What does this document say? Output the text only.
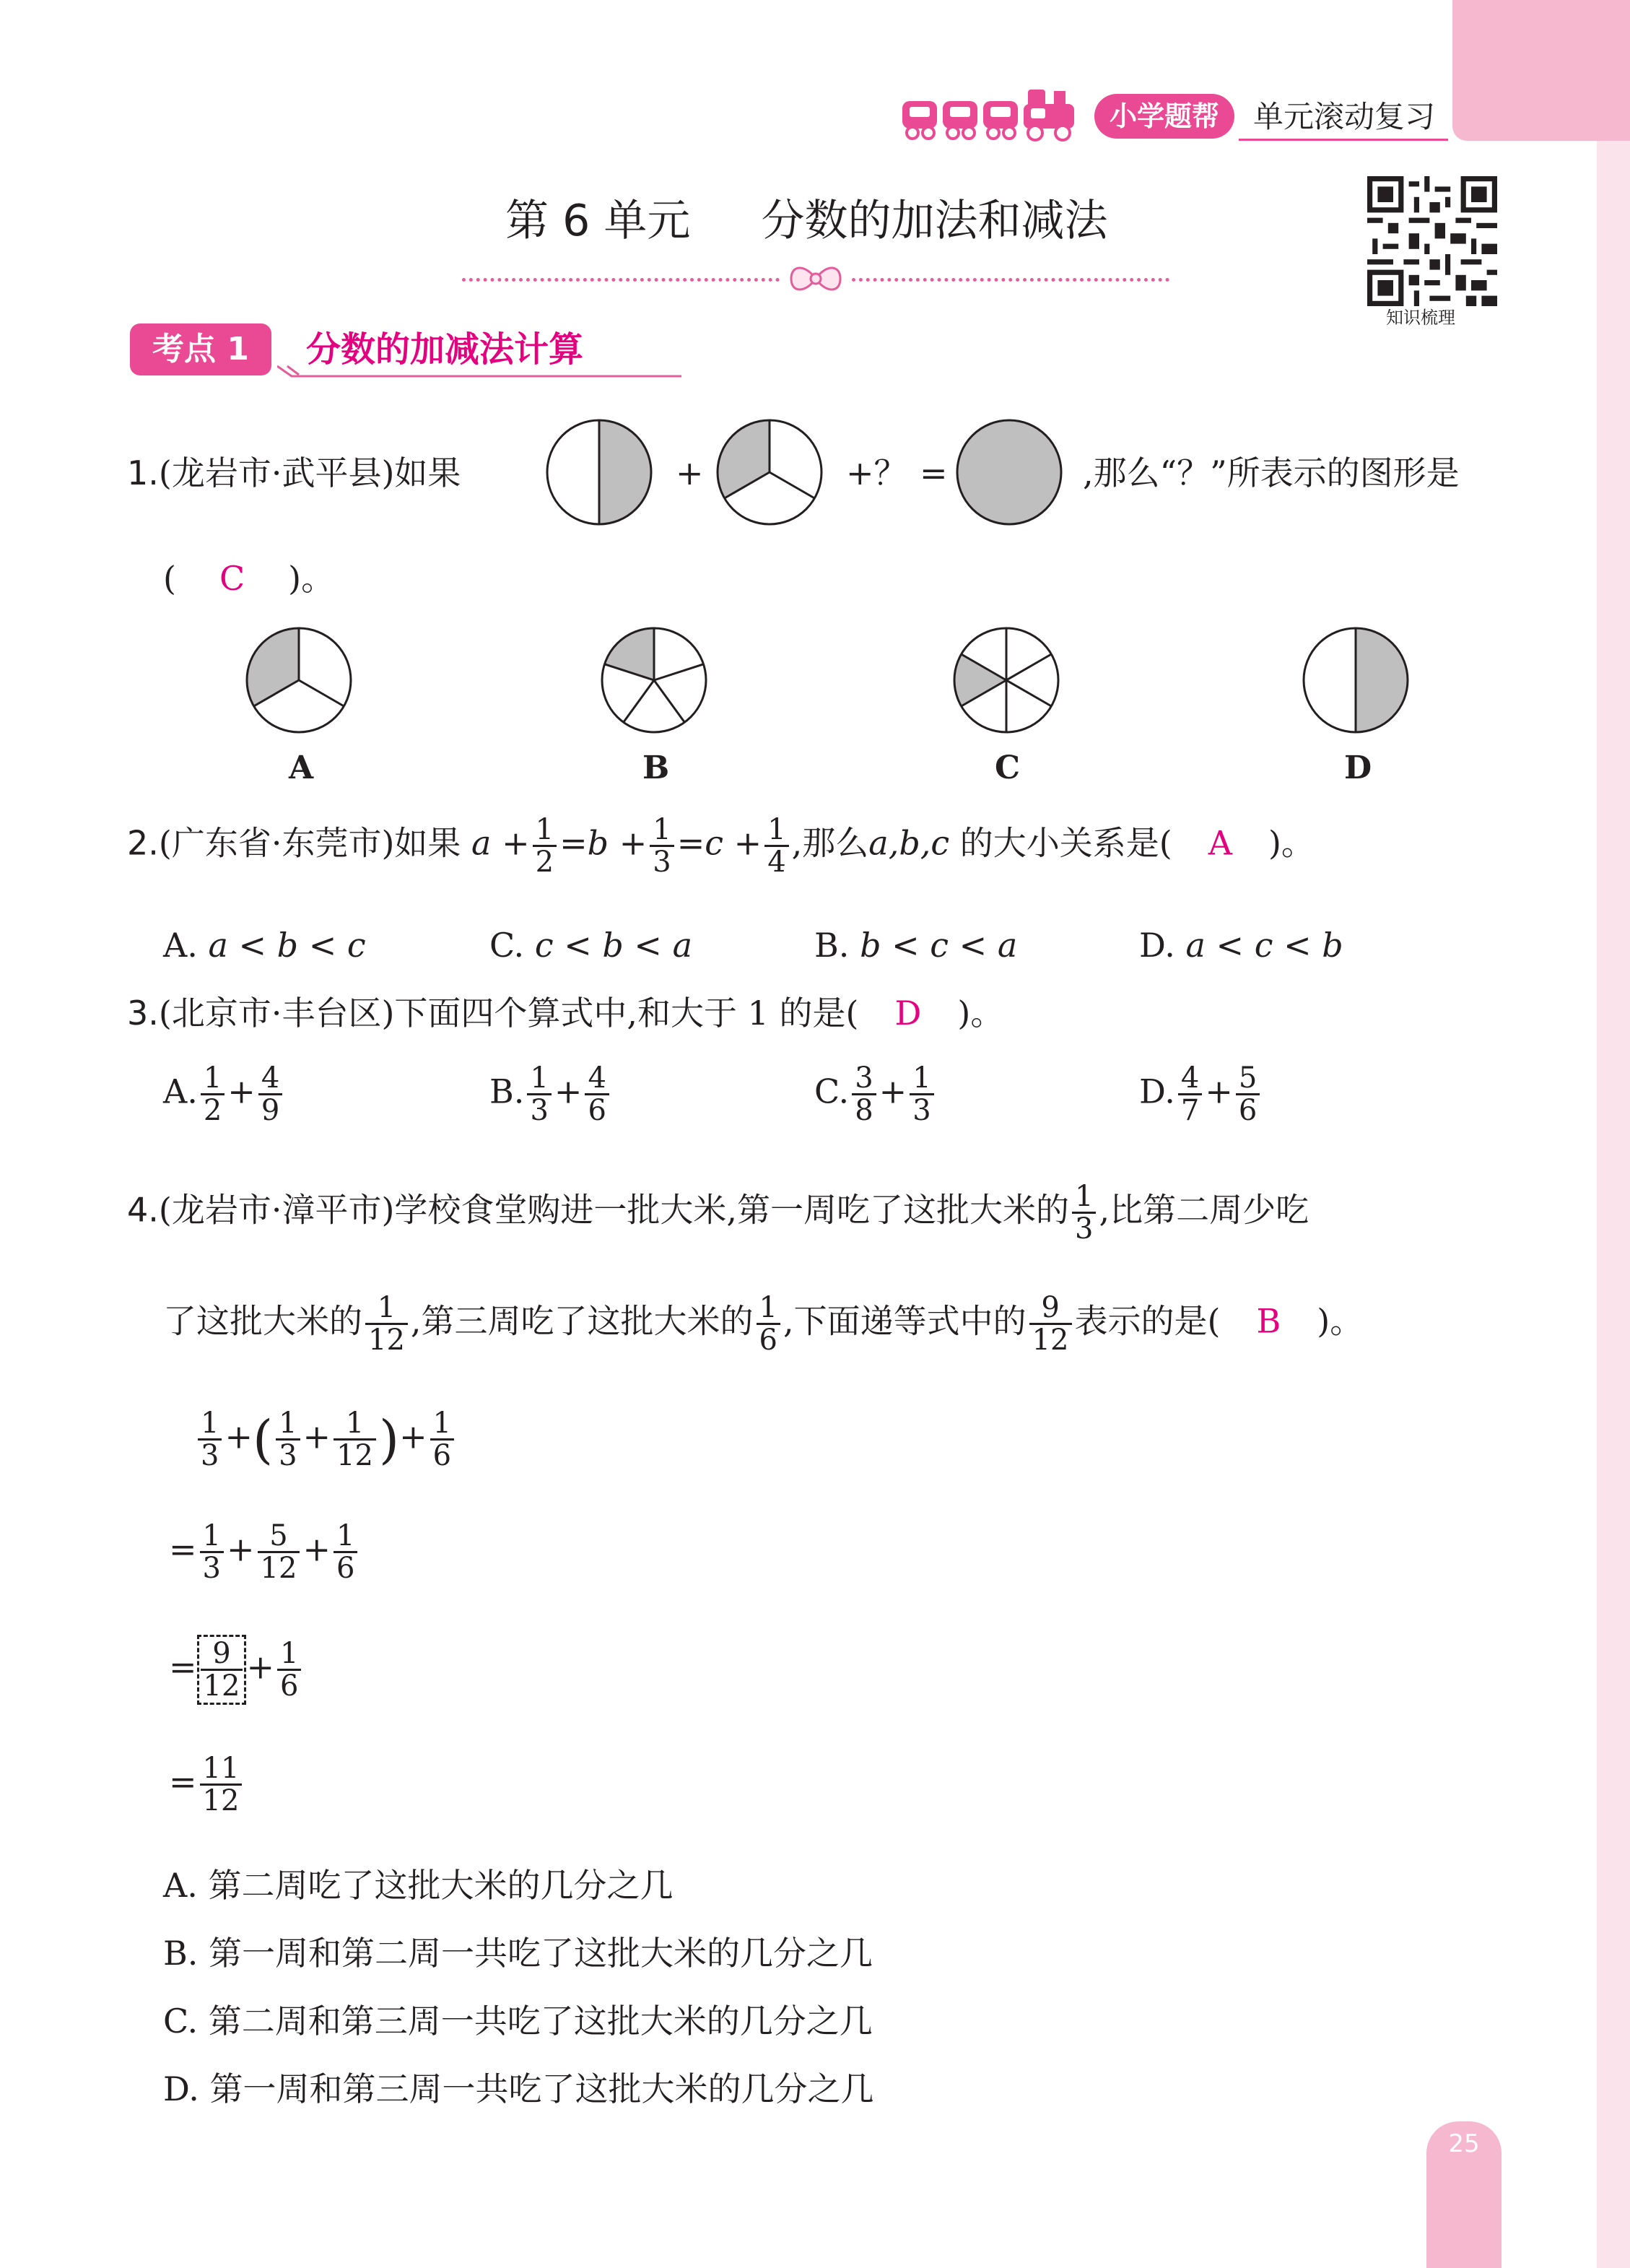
小学题帮	单元滚动复习
知识梳理
第 6 单元 分数的加法和减法
考点 1	分数的加减法计算
1.(龙岩市·武平县)如果	+	+？ =	,那么“？”所表示的图形是
( C )。
A	B	C	D
2.(广东省·东莞市)如果 $a + \frac{1}{2} =b + \frac{1}{3} =c + \frac{1}{4}$ ,那么a,b,c 的大小关系是( A )。
A. a < b < c	C. c < b < a	B. b < c < a	D. a < c < b
3.(北京市·丰台区)下面四个算式中,和大于 1 的是( D )。
A. $\frac{1}{2} + \frac{4}{9}$	B. $\frac{1}{3} + \frac{4}{6}$	C. $\frac{3}{8} + \frac{1}{3}$	D. $\frac{4}{7} + \frac{5}{6}$
4.(龙岩市·漳平市)学校食堂购进一批大米,第一周吃了这批大米的 $\frac{1}{3}$ ,比第二周少吃
了这批大米的 $\frac{1}{12}$ ,第三周吃了这批大米的 $\frac{1}{6}$ ,下面递等式中的 $\frac{9}{12}$ 表示的是( B )。
$\frac{1}{3}$ +( $\frac{1}{3} + \frac{1}{12}$ )+ $\frac{1}{6}$
= $\frac{1}{3} + \frac{5}{12} + \frac{1}{6}$
= $\frac{9}{12} + \frac{1}{6}$
= $\frac{11}{12}$
A. 第二周吃了这批大米的几分之几
B. 第一周和第二周一共吃了这批大米的几分之几
C. 第二周和第三周一共吃了这批大米的几分之几
D. 第一周和第三周一共吃了这批大米的几分之几
25
